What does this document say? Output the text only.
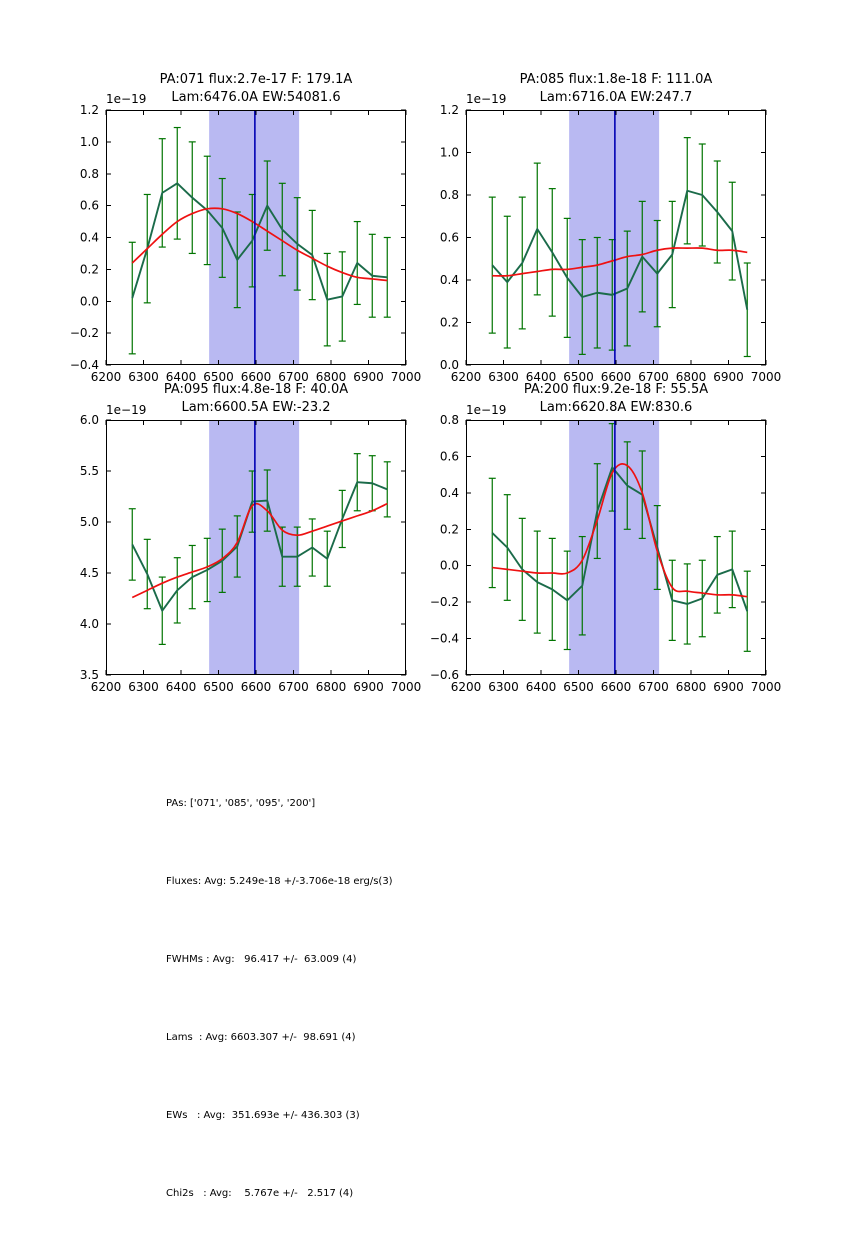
PA:071 flux:2.7e-17 F: 179.1A
Lam:6476.0A EW:54081.6
1e−19
6200 6300 6400 6500 6600 6700 6800 6900 7000
−0.4
−0.2
0.0
0.2
0.4
0.6
0.8
1.0
1.2
PA:085 flux:1.8e-18 F: 111.0A
Lam:6716.0A EW:247.7
1e−19
6200 6300 6400 6500 6600 6700 6800 6900 7000
0.0
0.2
0.4
0.6
0.8
1.0
1.2
PA:095 flux:4.8e-18 F: 40.0A
Lam:6600.5A EW:-23.2
1e−19
6200 6300 6400 6500 6600 6700 6800 6900 7000
3.5
4.0
4.5
5.0
5.5
6.0
PA:200 flux:9.2e-18 F: 55.5A
Lam:6620.8A EW:830.6
1e−19
6200 6300 6400 6500 6600 6700 6800 6900 7000
−0.6
−0.4
−0.2
0.0
0.2
0.4
0.6
0.8

PAs: ['071', '085', '095', '200']

Fluxes: Avg: 5.249e-18 +/-3.706e-18 erg/s(3)

FWHMs : Avg:   96.417 +/-  63.009 (4)

Lams  : Avg: 6603.307 +/-  98.691 (4)

EWs   : Avg:  351.693e +/- 436.303 (3)

Chi2s   : Avg:    5.767e +/-   2.517 (4)
